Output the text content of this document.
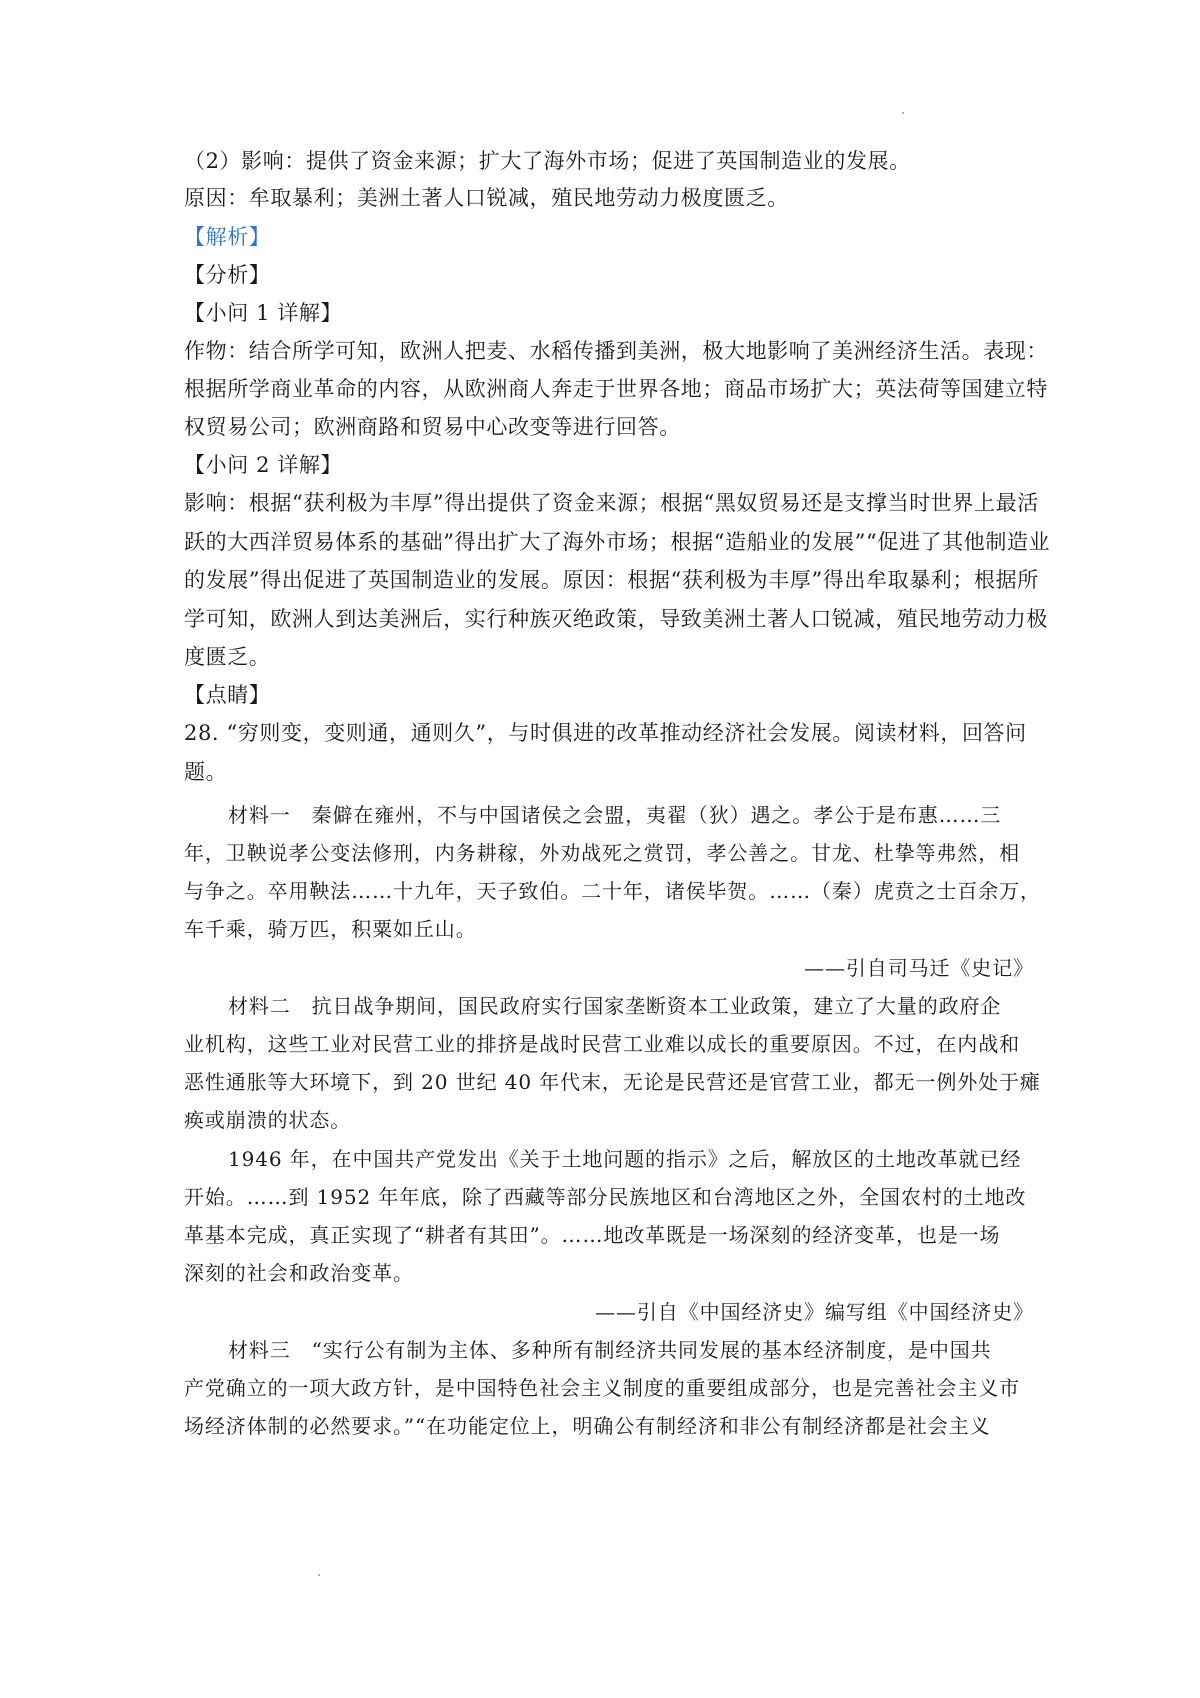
（2）影响：提供了资金来源；扩大了海外市场；促进了英国制造业的发展。
原因：牟取暴利；美洲土著人口锐减，殖民地劳动力极度匮乏。
【解析】
【分析】
【小问 1 详解】
作物：结合所学可知，欧洲人把麦、水稻传播到美洲，极大地影响了美洲经济生活。表现：
根据所学商业革命的内容，从欧洲商人奔走于世界各地；商品市场扩大；英法荷等国建立特
权贸易公司；欧洲商路和贸易中心改变等进行回答。
【小问 2 详解】
影响：根据“获利极为丰厚”得出提供了资金来源；根据“黑奴贸易还是支撑当时世界上最活
跃的大西洋贸易体系的基础”得出扩大了海外市场；根据“造船业的发展”“促进了其他制造业
的发展”得出促进了英国制造业的发展。原因：根据“获利极为丰厚”得出牟取暴利；根据所
学可知，欧洲人到达美洲后，实行种族灭绝政策，导致美洲土著人口锐减，殖民地劳动力极
度匮乏。
【点睛】
28. “穷则变，变则通，通则久”，与时俱进的改革推动经济社会发展。阅读材料，回答问
题。
材料一　秦僻在雍州，不与中国诸侯之会盟，夷翟（狄）遇之。孝公于是布惠……三
年，卫鞅说孝公变法修刑，内务耕稼，外劝战死之赏罚，孝公善之。甘龙、杜挚等弗然，相
与争之。卒用鞅法……十九年，天子致伯。二十年，诸侯毕贺。……（秦）虎贲之士百余万，
车千乘，骑万匹，积粟如丘山。
——引自司马迁《史记》
材料二　抗日战争期间，国民政府实行国家垄断资本工业政策，建立了大量的政府企
业机构，这些工业对民营工业的排挤是战时民营工业难以成长的重要原因。不过，在内战和
恶性通胀等大环境下，到 20 世纪 40 年代末，无论是民营还是官营工业，都无一例外处于瘫
痪或崩溃的状态。
1946 年，在中国共产党发出《关于土地问题的指示》之后，解放区的土地改革就已经
开始。……到 1952 年年底，除了西藏等部分民族地区和台湾地区之外，全国农村的土地改
革基本完成，真正实现了“耕者有其田”。……地改革既是一场深刻的经济变革，也是一场
深刻的社会和政治变革。
——引自《中国经济史》编写组《中国经济史》
材料三　“实行公有制为主体、多种所有制经济共同发展的基本经济制度，是中国共
产党确立的一项大政方针，是中国特色社会主义制度的重要组成部分，也是完善社会主义市
场经济体制的必然要求。”“在功能定位上，明确公有制经济和非公有制经济都是社会主义
